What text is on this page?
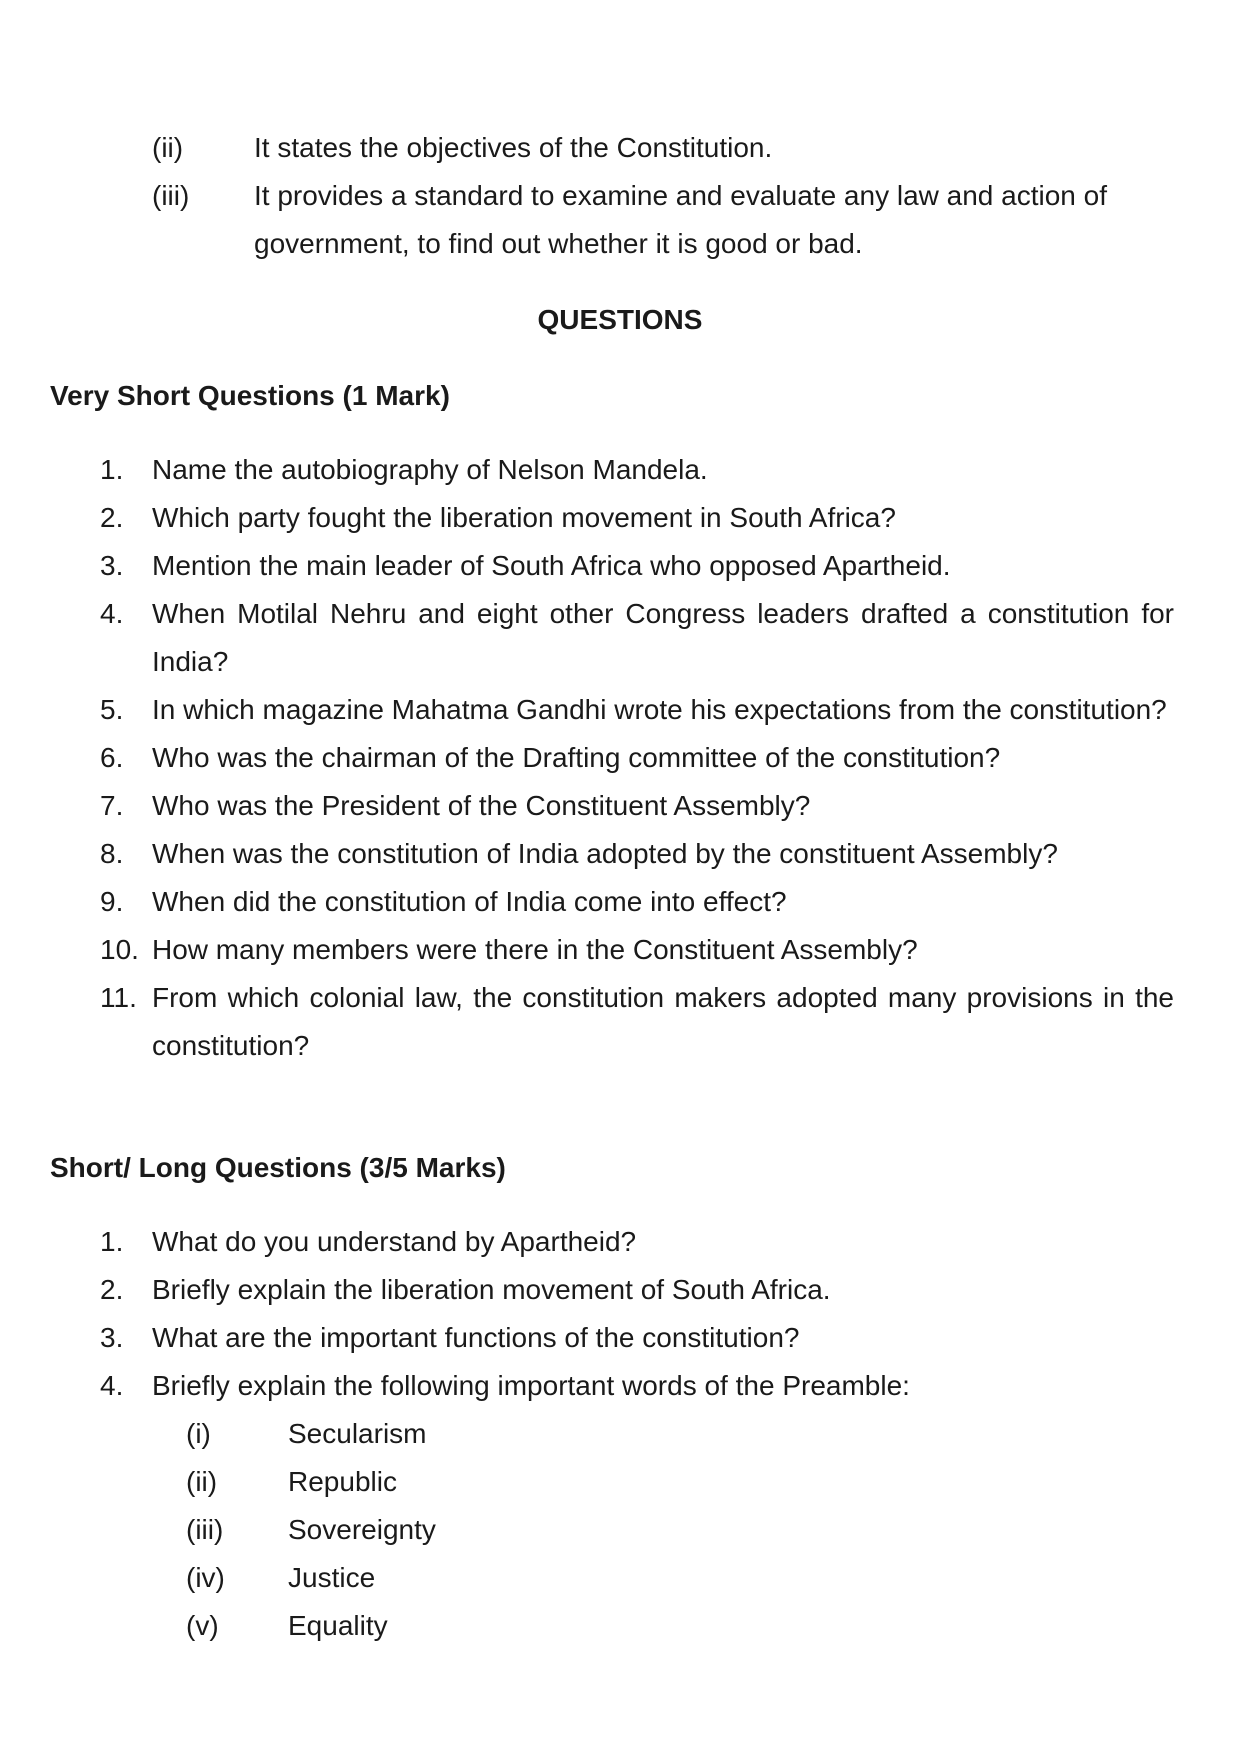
(ii)	It states the objectives of the Constitution.
(iii)	It provides a standard to examine and evaluate any law and action of government, to find out whether it is good or bad.
QUESTIONS
Very Short Questions (1 Mark)
1.	Name the autobiography of Nelson Mandela.
2.	Which party fought the liberation movement in South Africa?
3.	Mention the main leader of South Africa who opposed Apartheid.
4.	When Motilal Nehru and eight other Congress leaders drafted a constitution for India?
5.	In which magazine Mahatma Gandhi wrote his expectations from the constitution?
6.	Who was the chairman of the Drafting committee of the constitution?
7.	Who was the President of the Constituent Assembly?
8.	When was the constitution of India adopted by the constituent Assembly?
9.	When did the constitution of India come into effect?
10. How many members were there in the Constituent Assembly?
11. From which colonial law, the constitution makers adopted many provisions in the constitution?
Short/ Long Questions (3/5 Marks)
1.	What do you understand by Apartheid?
2.	Briefly explain the liberation movement of South Africa.
3.	What are the important functions of the constitution?
4.	Briefly explain the following important words of the Preamble:
(i)	Secularism
(ii)	Republic
(iii)	Sovereignty
(iv)	Justice
(v)	Equality
